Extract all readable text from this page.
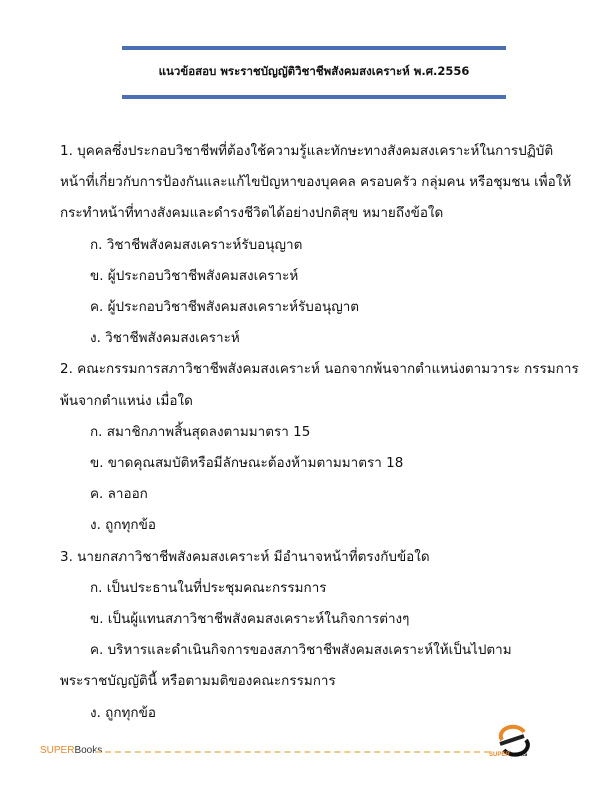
แนวข้อสอบ พระราชบัญญัติวิชาชีพสังคมสงเคราะห์ พ.ศ.2556
1. บุคคลซึ่งประกอบวิชาชีพที่ต้องใช้ความรู้และทักษะทางสังคมสงเคราะห์ในการปฏิบัติ
หน้าที่เกี่ยวกับการป้องกันและแก้ไขปัญหาของบุคคล ครอบครัว กลุ่มคน หรือชุมชน เพื่อให้
กระทำหน้าที่ทางสังคมและดำรงชีวิตได้อย่างปกติสุข หมายถึงข้อใด
ก. วิชาชีพสังคมสงเคราะห์รับอนุญาต
ข. ผู้ประกอบวิชาชีพสังคมสงเคราะห์
ค. ผู้ประกอบวิชาชีพสังคมสงเคราะห์รับอนุญาต
ง. วิชาชีพสังคมสงเคราะห์
2. คณะกรรมการสภาวิชาชีพสังคมสงเคราะห์ นอกจากพ้นจากตำแหน่งตามวาระ กรรมการ
พ้นจากตำแหน่ง เมื่อใด
ก. สมาชิกภาพสิ้นสุดลงตามมาตรา 15
ข. ขาดคุณสมบัติหรือมีลักษณะต้องห้ามตามมาตรา 18
ค. ลาออก
ง. ถูกทุกข้อ
3. นายกสภาวิชาชีพสังคมสงเคราะห์ มีอำนาจหน้าที่ตรงกับข้อใด
ก. เป็นประธานในที่ประชุมคณะกรรมการ
ข. เป็นผู้แทนสภาวิชาชีพสังคมสงเคราะห์ในกิจการต่างๆ
ค. บริหารและดำเนินกิจการของสภาวิชาชีพสังคมสงเคราะห์ให้เป็นไปตาม
พระราชบัญญัตินี้ หรือตามมติของคณะกรรมการ
ง. ถูกทุกข้อ
SUPERBooks	SUPERbooks
